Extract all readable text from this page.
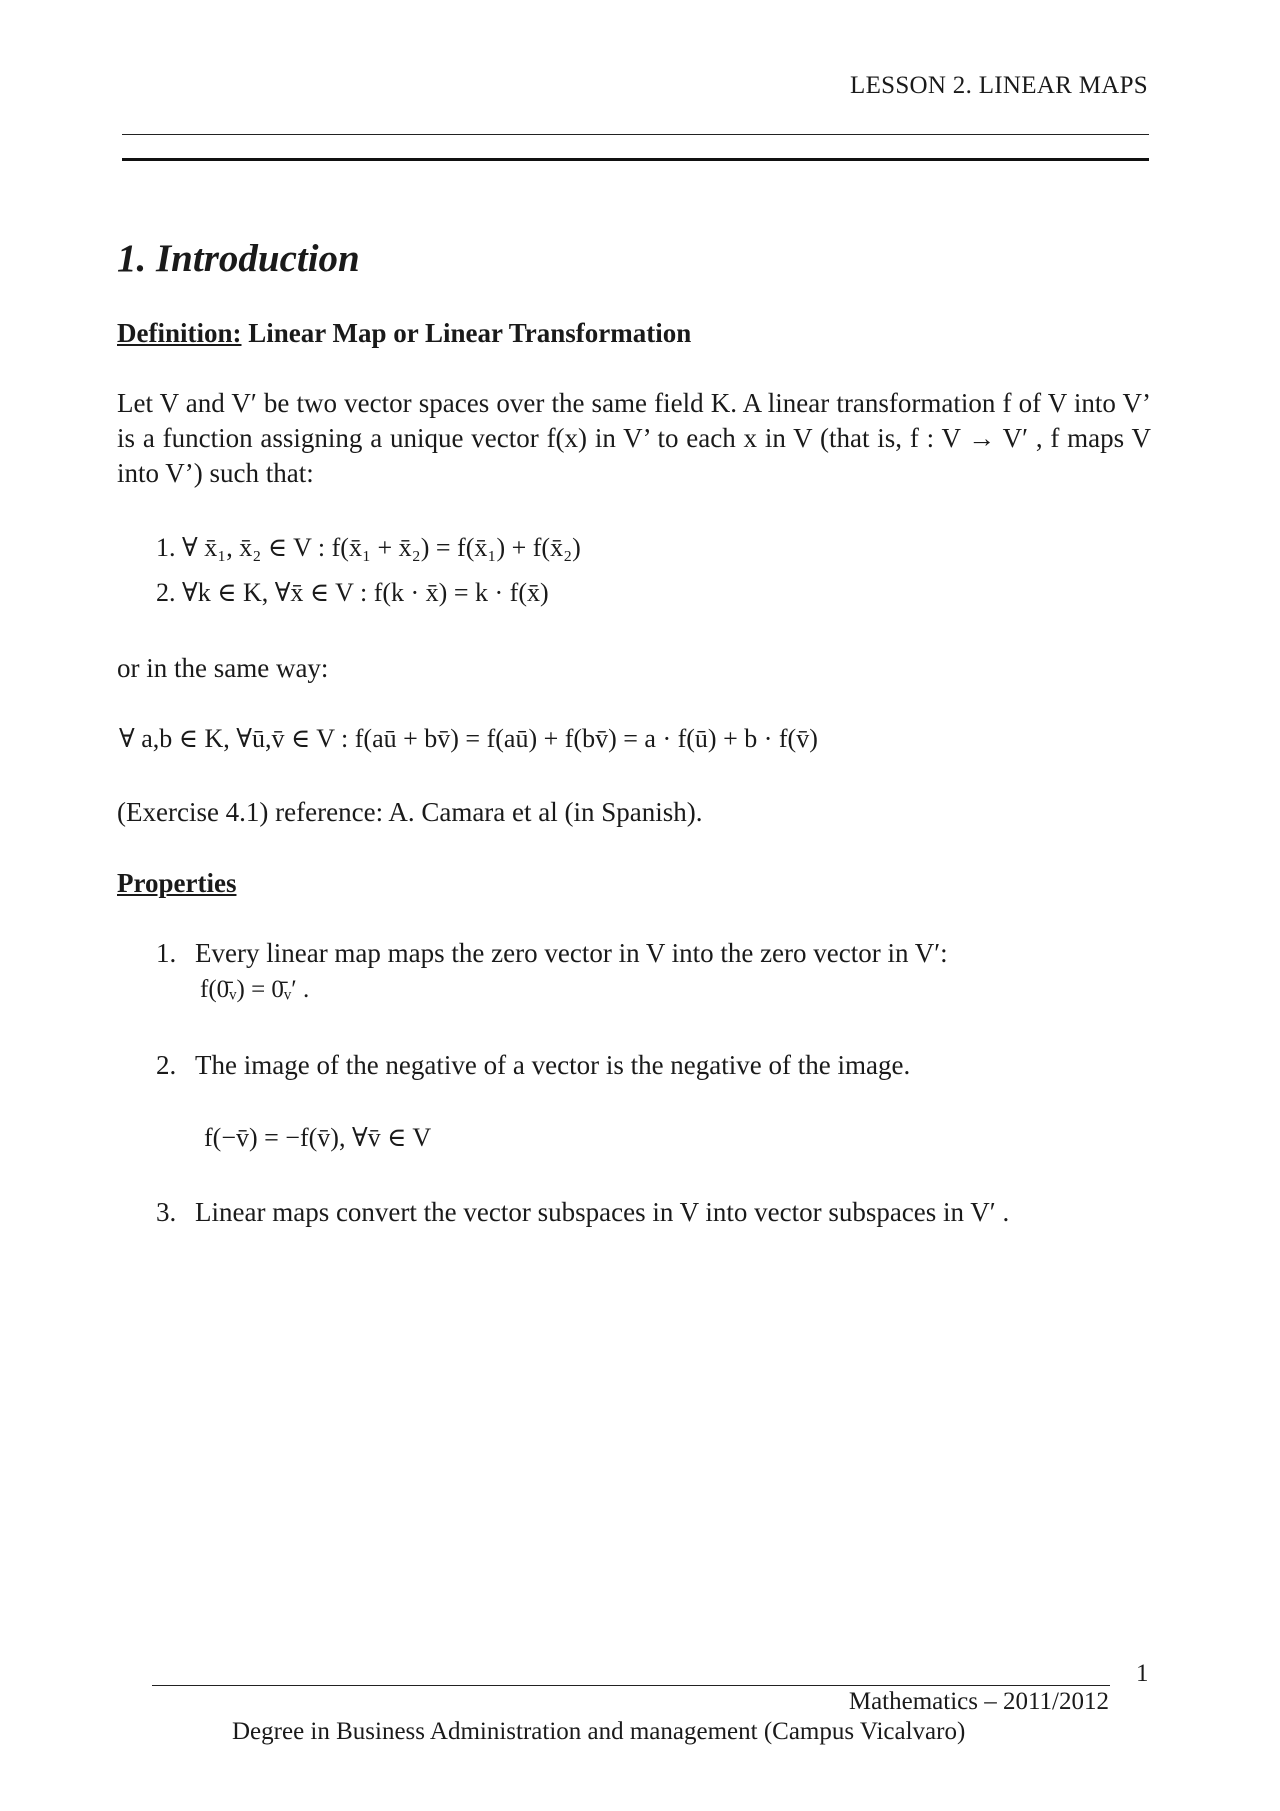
LESSON 2. LINEAR MAPS
1. Introduction
Definition: Linear Map or Linear Transformation

Let V and V′ be two vector spaces over the same field K. A linear transformation f of V into V’ is a function assigning a unique vector f(x) in V’ to each x in V (that is, f : V → V′ , f maps V into V’) such that:

1. ∀ x̄₁, x̄₂ ∈ V : f(x̄₁ + x̄₂) = f(x̄₁) + f(x̄₂)
2. ∀k ∈ K, ∀x̄ ∈ V : f(k · x̄) = k · f(x̄)

or in the same way:

∀ a,b ∈ K, ∀ū,v̄ ∈ V : f(aū + bv̄) = f(aū) + f(bv̄) = a · f(ū) + b · f(v̄)

(Exercise 4.1) reference: A. Camara et al (in Spanish).

Properties
1. Every linear map maps the zero vector in V into the zero vector in V′:
f(0̄ᵥ) = 0̄ᵥ′ .
2. The image of the negative of a vector is the negative of the image.
f(−v̄) = −f(v̄), ∀v̄ ∈ V
3. Linear maps convert the vector subspaces in V into vector subspaces in V′ .
1
Mathematics – 2011/2012
Degree in Business Administration and management (Campus Vicalvaro)
